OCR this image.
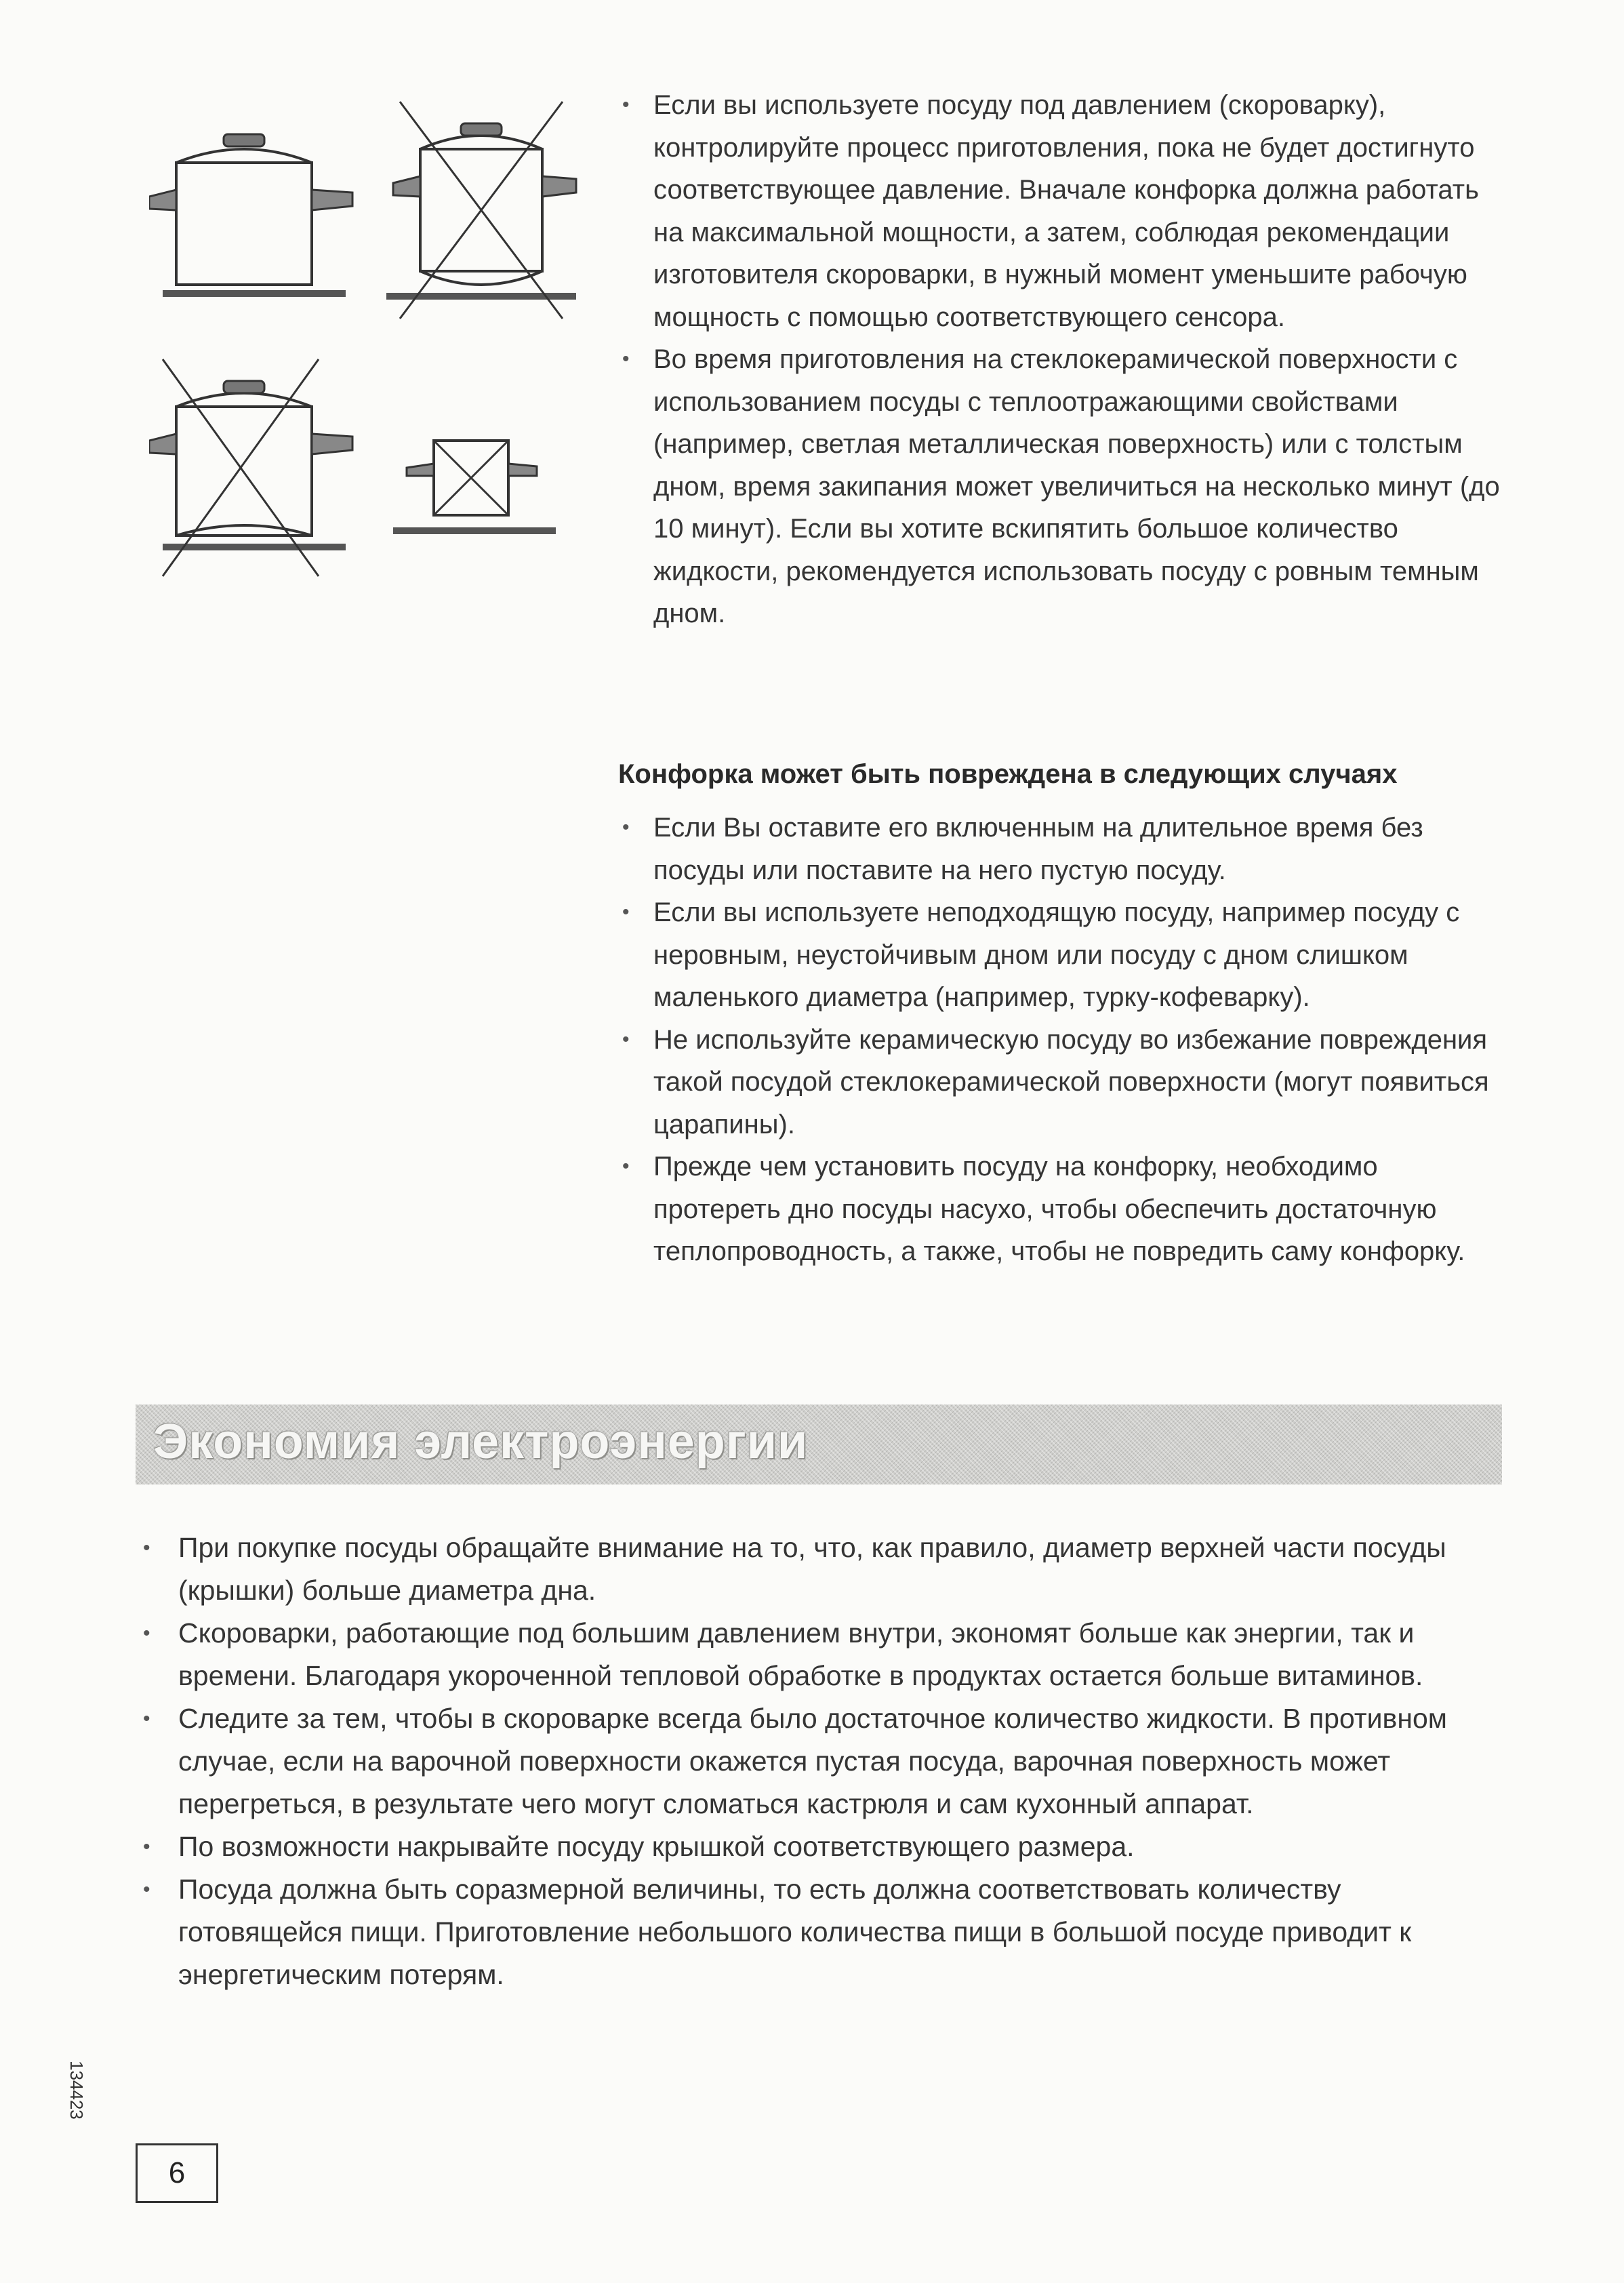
• Если вы используете посуду под давлением (скороварку), контролируйте процесс приготовления, пока не будет достигнуто соответствующее давление. Вначале конфорка должна работать на максимальной мощности, а затем, соблюдая рекомендации изготовителя скороварки, в нужный момент уменьшите рабочую мощность с помощью соответствующего сенсора.
• Во время приготовления на стеклокерамической поверхности с использованием посуды с теплоотражающими свойствами (например, светлая металлическая поверхность) или с толстым дном, время закипания может увеличиться на несколько минут (до 10 минут). Если вы хотите вскипятить большое количество жидкости, рекомендуется использовать посуду с ровным темным дном.
Конфорка может быть повреждена в следующих случаях
• Если Вы оставите его включенным на длительное время без посуды или поставите на него пустую посуду.
• Если вы используете неподходящую посуду, например посуду с неровным, неустойчивым дном или посуду с дном слишком маленького диаметра (например, турку-кофеварку).
• Не используйте керамическую посуду во избежание повреждения такой посудой стеклокерамической поверхности (могут появиться царапины).
• Прежде чем установить посуду на конфорку, необходимо протереть дно посуды насухо, чтобы обеспечить достаточную теплопроводность, а также, чтобы не повредить саму конфорку.
Экономия электроэнергии
• При покупке посуды обращайте внимание на то, что, как правило, диаметр верхней части посуды (крышки) больше диаметра дна.
• Скороварки, работающие под большим давлением внутри, экономят больше как энергии, так и времени. Благодаря укороченной тепловой обработке в продуктах остается больше витаминов.
• Следите за тем, чтобы в скороварке всегда было достаточное количество жидкости. В противном случае, если на варочной поверхности окажется пустая посуда, варочная поверхность может перегреться, в результате чего могут сломаться кастрюля и сам кухонный аппарат.
• По возможности накрывайте посуду крышкой соответствующего размера.
• Посуда должна быть соразмерной величины, то есть должна соответствовать количеству готовящейся пищи. Приготовление небольшого количества пищи в большой посуде приводит к энергетическим потерям.
134423
6
